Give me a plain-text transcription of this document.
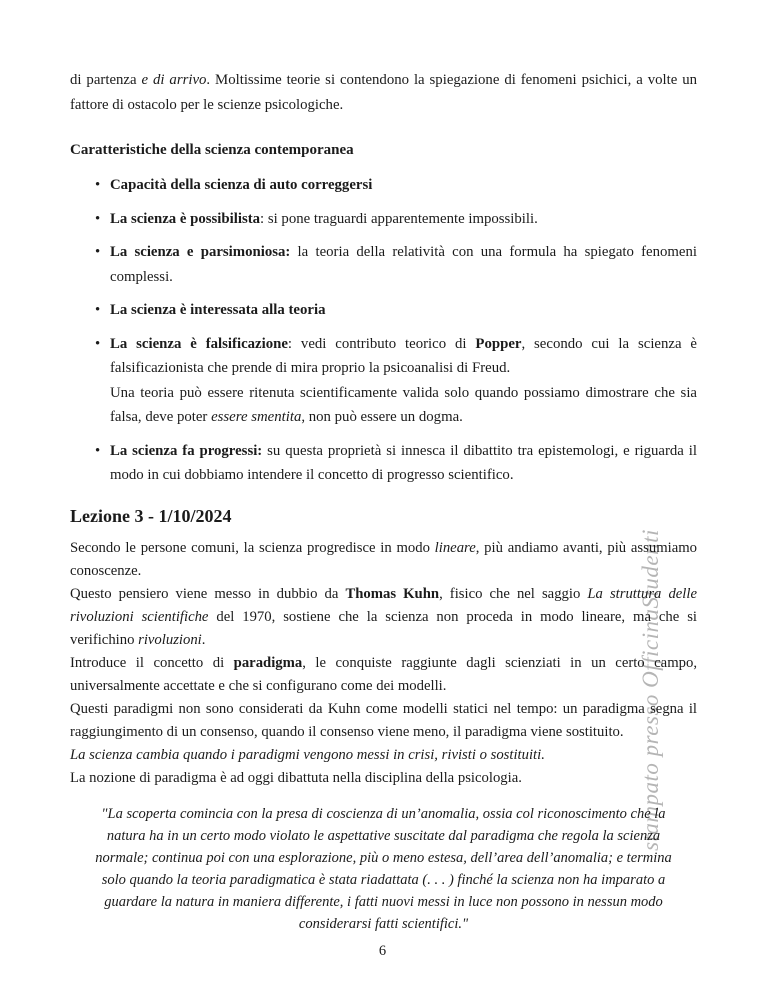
stampato presso OfficinaStudenti

di partenza e di arrivo. Moltissime teorie si contendono la spiegazione di fenomeni psichici, a volte un fattore di ostacolo per le scienze psicologiche.

Caratteristiche della scienza contemporanea
• Capacità della scienza di auto correggersi
• La scienza è possibilista: si pone traguardi apparentemente impossibili.
• La scienza e parsimoniosa: la teoria della relatività con una formula ha spiegato fenomeni complessi.
• La scienza è interessata alla teoria
• La scienza è falsificazione: vedi contributo teorico di Popper, secondo cui la scienza è falsificazionista che prende di mira proprio la psicoanalisi di Freud.
Una teoria può essere ritenuta scientificamente valida solo quando possiamo dimostrare che sia falsa, deve poter essere smentita, non può essere un dogma.
• La scienza fa progressi: su questa proprietà si innesca il dibattito tra epistemologi, e riguarda il modo in cui dobbiamo intendere il concetto di progresso scientifico.
Lezione 3 - 1/10/2024

Secondo le persone comuni, la scienza progredisce in modo lineare, più andiamo avanti, più assumiamo conoscenze.

Questo pensiero viene messo in dubbio da Thomas Kuhn, fisico che nel saggio La struttura delle rivoluzioni scientifiche del 1970, sostiene che la scienza non proceda in modo lineare, ma che si verifichino rivoluzioni.

Introduce il concetto di paradigma, le conquiste raggiunte dagli scienziati in un certo campo, universalmente accettate e che si configurano come dei modelli.

Questi paradigmi non sono considerati da Kuhn come modelli statici nel tempo: un paradigma segna il raggiungimento di un consenso, quando il consenso viene meno, il paradigma viene sostituito.

La scienza cambia quando i paradigmi vengono messi in crisi, rivisti o sostituiti.

La nozione di paradigma è ad oggi dibattuta nella disciplina della psicologia.

"La scoperta comincia con la presa di coscienza di un’anomalia, ossia col riconoscimento che la natura ha in un certo modo violato le aspettative suscitate dal paradigma che regola la scienza normale; continua poi con una esplorazione, più o meno estesa, dell’area dell’anomalia; e termina solo quando la teoria paradigmatica è stata riadattata (. . . ) finché la scienza non ha imparato a guardare la natura in maniera differente, i fatti nuovi messi in luce non possono in nessun modo considerarsi fatti scientifici."
6
